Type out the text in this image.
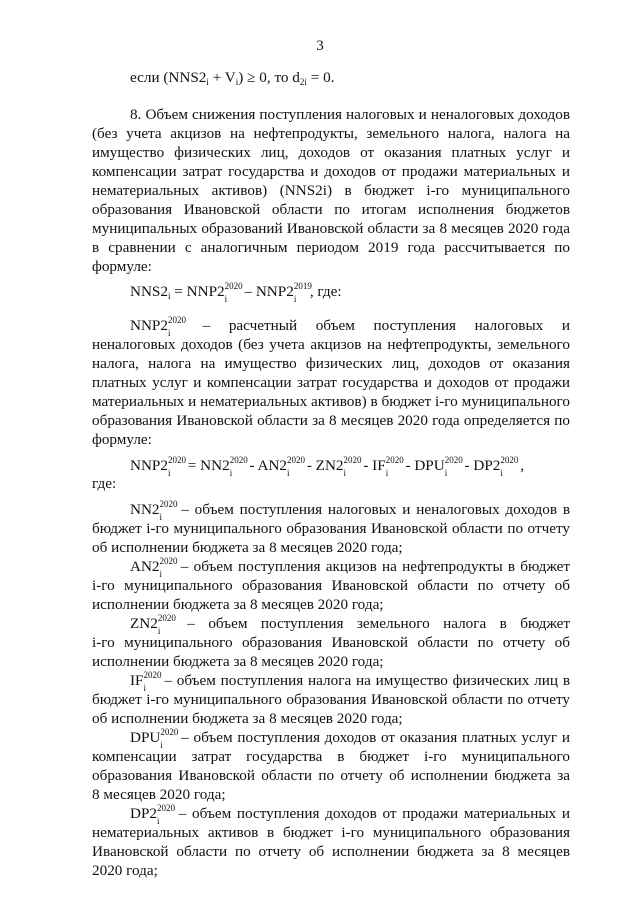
3
если $(NNS2_i + V_i) \ge 0$, то $d_{2i} = 0$.
8. Объем снижения поступления налоговых и неналоговых доходов
(без учета акцизов на нефтепродукты, земельного налога, налога на
имущество физических лиц, доходов от оказания платных услуг и
компенсации затрат государства и доходов от продажи материальных и
нематериальных активов) (NNS2i) в бюджет i-го муниципального
образования Ивановской области по итогам исполнения бюджетов
муниципальных образований Ивановской области за 8 месяцев 2020 года
в сравнении с аналогичным периодом 2019 года рассчитывается по
формуле:
$NNS2_i = NNP2$ 2020
i – NNP2 2019
i , где:
NNP2 2020
i – расчетный объем поступления налоговых и
неналоговых доходов (без учета акцизов на нефтепродукты, земельного
налога, налога на имущество физических лиц, доходов от оказания
платных услуг и компенсации затрат государства и доходов от продажи
материальных и нематериальных активов) в бюджет i-го муниципального
образования Ивановской области за 8 месяцев 2020 года определяется по
формуле:
NNP2 2020
i = NN2 2020
i - AN2 2020
i - ZN2 2020
i - IF 2020
i - DPU 2020
i - DP2 2020
i ,
где:
NN2 2020
i – объем поступления налоговых и неналоговых доходов в
бюджет i-го муниципального образования Ивановской области по отчету
об исполнении бюджета за 8 месяцев 2020 года;
AN2 2020
i – объем поступления акцизов на нефтепродукты в бюджет
i-го муниципального образования Ивановской области по отчету об
исполнении бюджета за 8 месяцев 2020 года;
ZN2 2020
i – объем поступления земельного налога в бюджет
i-го муниципального образования Ивановской области по отчету об
исполнении бюджета за 8 месяцев 2020 года;
IF 2020
i – объем поступления налога на имущество физических лиц в
бюджет i-го муниципального образования Ивановской области по отчету
об исполнении бюджета за 8 месяцев 2020 года;
DPU 2020
i – объем поступления доходов от оказания платных услуг и
компенсации затрат государства в бюджет i-го муниципального
образования Ивановской области по отчету об исполнении бюджета за
8 месяцев 2020 года;
DP2 2020
i – объем поступления доходов от продажи материальных и
нематериальных активов в бюджет i-го муниципального образования
Ивановской области по отчету об исполнении бюджета за 8 месяцев
2020 года;
